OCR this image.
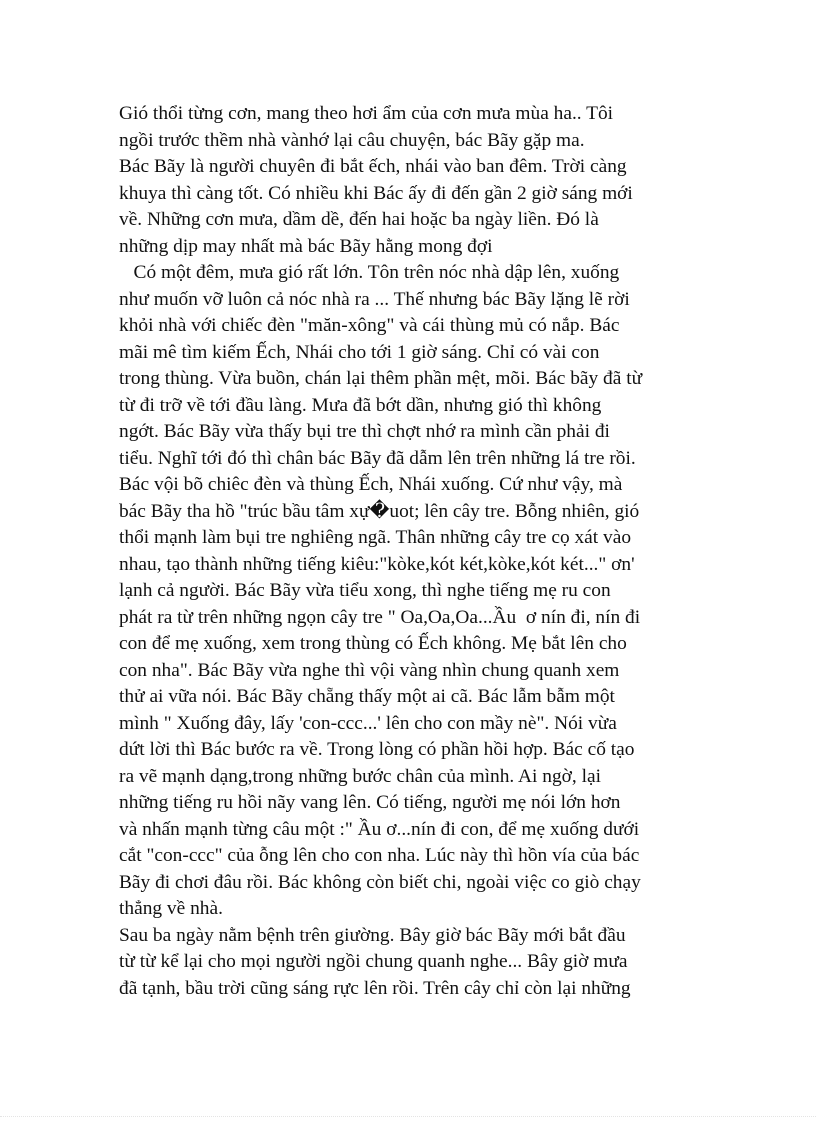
Gió thổi từng cơn, mang theo hơi ẩm của cơn mưa mùa ha.. Tôi
ngồi trước thềm nhà vànhớ lại câu chuyện, bác Bãy gặp ma.
Bác Bãy là người chuyên đi bắt ếch, nhái vào ban đêm. Trời càng
khuya thì càng tốt. Có nhiều khi Bác ấy đi đến gần 2 giờ sáng mới
về. Những cơn mưa, dầm dề, đến hai hoặc ba ngày liền. Đó là
những dịp may nhất mà bác Bãy hằng mong đợi
Có một đêm, mưa gió rất lớn. Tôn trên nóc nhà dập lên, xuống
như muốn vỡ luôn cả nóc nhà ra ... Thế nhưng bác Bãy lặng lẽ rời
khỏi nhà với chiếc đèn "măn-xông" và cái thùng mủ có nắp. Bác
mãi mê tìm kiếm Ếch, Nhái cho tới 1 giờ sáng. Chỉ có vài con
trong thùng. Vừa buồn, chán lại thêm phần mệt, mõi. Bác bãy đã từ
từ đi trỡ về tới đầu làng. Mưa đã bớt dần, nhưng gió thì không
ngớt. Bác Bãy vừa thấy bụi tre thì chợt nhớ ra mình cần phải đi
tiểu. Nghĩ tới đó thì chân bác Bãy đã dẫm lên trên những lá tre rồi.
Bác vội bõ chiêc đèn và thùng Ếch, Nhái xuống. Cứ như vậy, mà
bác Bãy tha hồ "trúc bầu tâm xự�uot; lên cây tre. Bỗng nhiên, gió
thổi mạnh làm bụi tre nghiêng ngã. Thân những cây tre cọ xát vào
nhau, tạo thành những tiếng kiêu:"kòke,kót két,kòke,kót két..." ơn'
lạnh cả người. Bác Bãy vừa tiểu xong, thì nghe tiếng mẹ ru con
phát ra từ trên những ngọn cây tre " Oa,Oa,Oa...Ầu  ơ nín đi, nín đi
con để mẹ xuống, xem trong thùng có Ếch không. Mẹ bắt lên cho
con nha". Bác Bãy vừa nghe thì vội vàng nhìn chung quanh xem
thử ai vữa nói. Bác Bãy chẵng thấy một ai cã. Bác lẫm bẫm một
mình " Xuống đây, lấy 'con-ccc...' lên cho con mầy nè". Nói vừa
dứt lời thì Bác bước ra về. Trong lòng có phần hồi hợp. Bác cố tạo
ra vẽ mạnh dạng,trong những bước chân của mình. Ai ngờ, lại
những tiếng ru hồi nãy vang lên. Có tiếng, người mẹ nói lớn hơn
và nhấn mạnh từng câu một :" Ầu ơ...nín đi con, để mẹ xuống dưới
cắt "con-ccc" của ỗng lên cho con nha. Lúc này thì hồn vía của bác
Bãy đi chơi đâu rồi. Bác không còn biết chi, ngoài việc co giò chạy
thẳng về nhà.
Sau ba ngày nằm bệnh trên giường. Bây giờ bác Bãy mới bắt đầu
từ từ kể lại cho mọi người ngồi chung quanh nghe... Bây giờ mưa
đã tạnh, bầu trời cũng sáng rực lên rồi. Trên cây chỉ còn lại những
